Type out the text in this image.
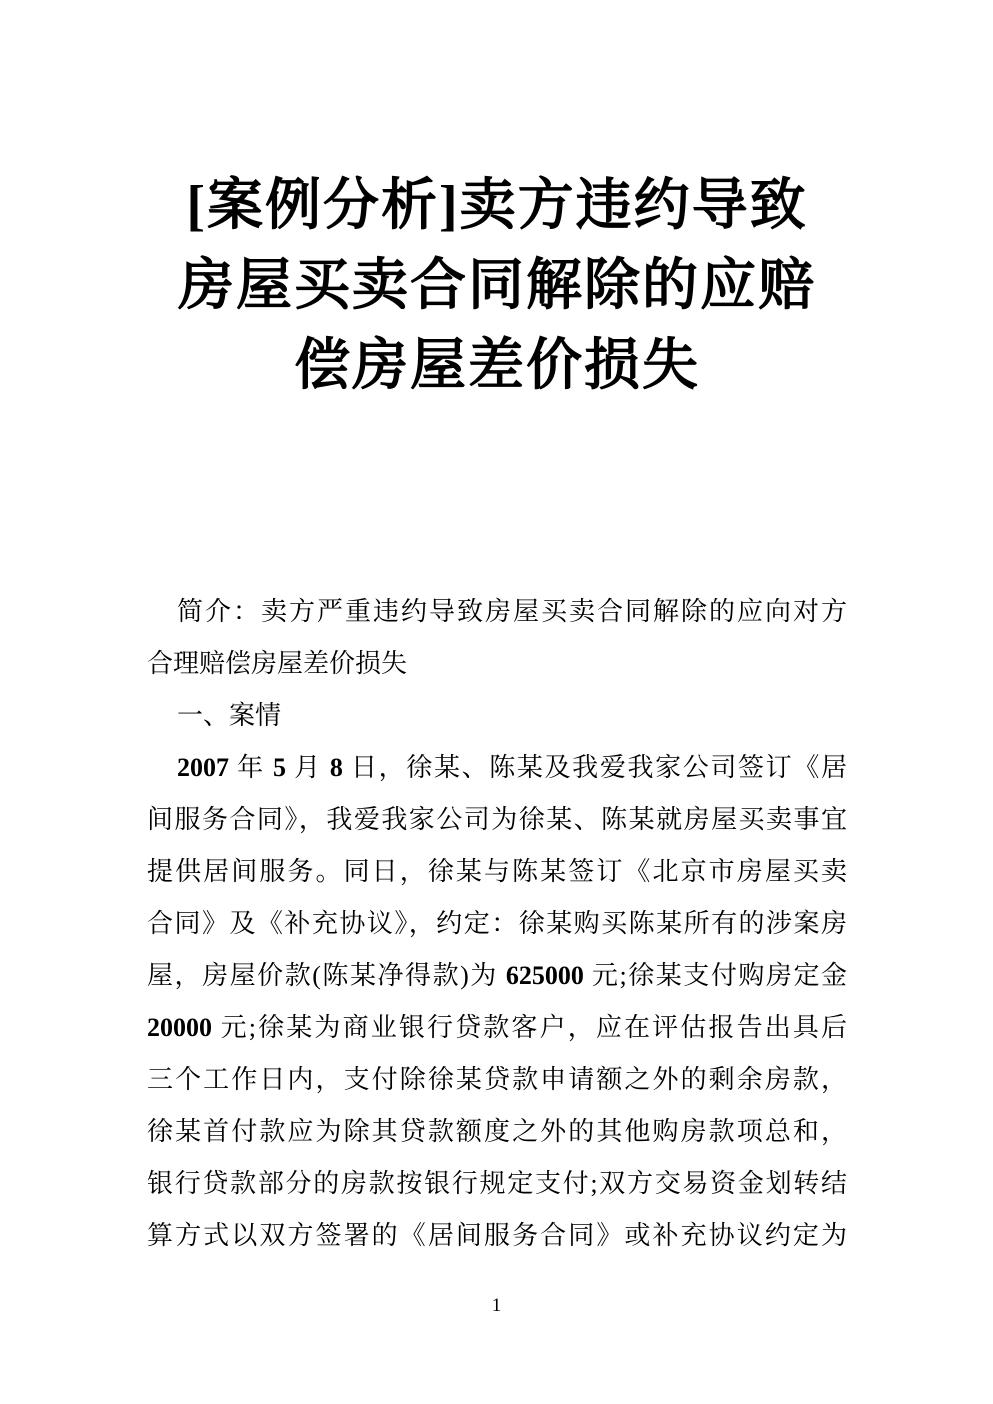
[案例分析]卖方违约导致
房屋买卖合同解除的应赔
偿房屋差价损失
简介：卖方严重违约导致房屋买卖合同解除的应向对方
合理赔偿房屋差价损失
一、案情
2007 年 5 月 8 日，徐某、陈某及我爱我家公司签订《居
间服务合同》，我爱我家公司为徐某、陈某就房屋买卖事宜
提供居间服务。同日，徐某与陈某签订《北京市房屋买卖
合同》及《补充协议》，约定：徐某购买陈某所有的涉案房
屋，房屋价款(陈某净得款)为 625000 元;徐某支付购房定金
20000 元;徐某为商业银行贷款客户，应在评估报告出具后
三个工作日内，支付除徐某贷款申请额之外的剩余房款，
徐某首付款应为除其贷款额度之外的其他购房款项总和，
银行贷款部分的房款按银行规定支付;双方交易资金划转结
算方式以双方签署的《居间服务合同》或补充协议约定为
1
